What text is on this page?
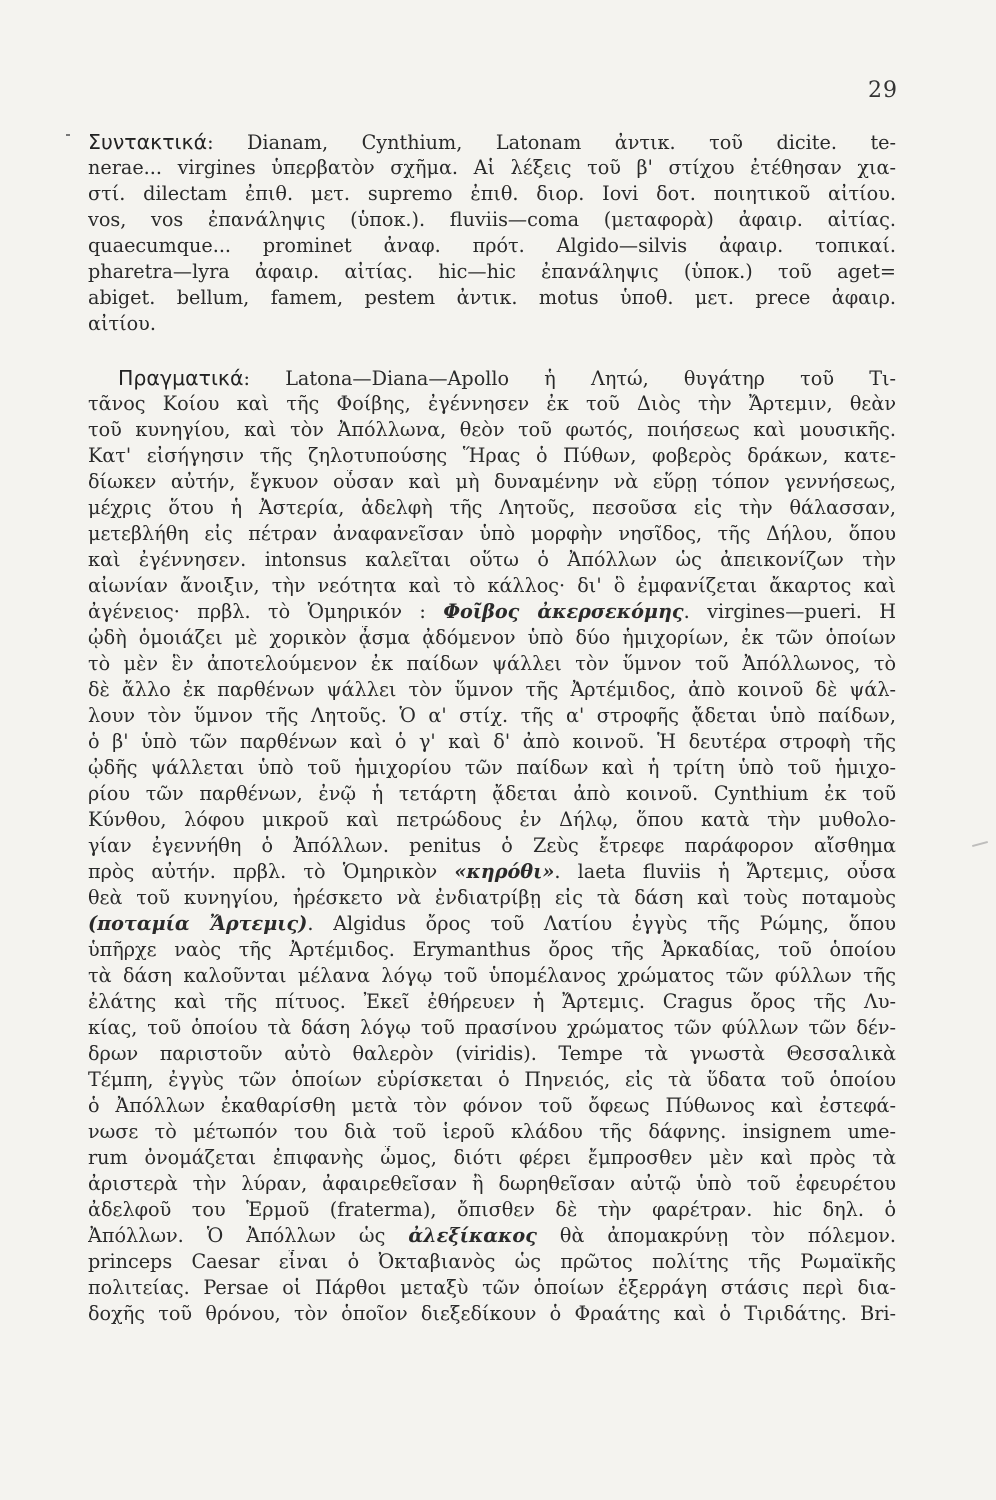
29
Συντακτικά: Dianam, Cynthium, Latonam ἀντικ. τοῦ dicite. te-
nerae... virgines ὑπερβατὸν σχῆμα. Αἱ λέξεις τοῦ β' στίχου ἐτέθησαν χια-
στί. dilectam ἐπιθ. μετ. supremo ἐπιθ. διορ. Iovi δοτ. ποιητικοῦ αἰτίου.
vos, vos ἐπανάληψις (ὑποκ.). fluviis—coma (μεταφορὰ) ἀφαιρ. αἰτίας.
quaecumque... prominet ἀναφ. πρότ. Algido—silvis ἀφαιρ. τοπικαί.
pharetra—lyra ἀφαιρ. αἰτίας. hic—hic ἐπανάληψις (ὑποκ.) τοῦ aget=
abiget. bellum, famem, pestem ἀντικ. motus ὑποθ. μετ. prece ἀφαιρ.
αἰτίου.
Πραγματικά: Latona—Diana—Apollo ἡ Λητώ, θυγάτηρ τοῦ Τι-
τᾶνος Κοίου καὶ τῆς Φοίβης, ἐγέννησεν ἐκ τοῦ Διὸς τὴν Ἄρτεμιν, θεὰν
τοῦ κυνηγίου, καὶ τὸν Ἀπόλλωνα, θεὸν τοῦ φωτός, ποιήσεως καὶ μουσικῆς.
Κατ' εἰσήγησιν τῆς ζηλοτυπούσης Ἥρας ὁ Πύθων, φοβερὸς δράκων, κατε-
δίωκεν αὐτήν, ἔγκυον οὖσαν καὶ μὴ δυναμένην νὰ εὕρῃ τόπον γεννήσεως,
μέχρις ὅτου ἡ Ἀστερία, ἀδελφὴ τῆς Λητοῦς, πεσοῦσα εἰς τὴν θάλασσαν,
μετεβλήθη εἰς πέτραν ἀναφανεῖσαν ὑπὸ μορφὴν νησῖδος, τῆς Δήλου, ὅπου
καὶ ἐγέννησεν. intonsus καλεῖται οὕτω ὁ Ἀπόλλων ὡς ἀπεικονίζων τὴν
αἰωνίαν ἄνοιξιν, τὴν νεότητα καὶ τὸ κάλλος· δι' ὃ ἐμφανίζεται ἄκαρτος καὶ
ἀγένειος· πρβλ. τὸ Ὁμηρικόν : Φοῖβος ἀκερσεκόμης. virgines—pueri. Η
ᾠδὴ ὁμοιάζει μὲ χορικὸν ᾆσμα ᾀδόμενον ὑπὸ δύο ἡμιχορίων, ἐκ τῶν ὁποίων
τὸ μὲν ἓν ἀποτελούμενον ἐκ παίδων ψάλλει τὸν ὕμνον τοῦ Ἀπόλλωνος, τὸ
δὲ ἄλλο ἐκ παρθένων ψάλλει τὸν ὕμνον τῆς Ἀρτέμιδος, ἀπὸ κοινοῦ δὲ ψάλ-
λουν τὸν ὕμνον τῆς Λητοῦς. Ὁ α' στίχ. τῆς α' στροφῆς ᾄδεται ὑπὸ παίδων,
ὁ β' ὑπὸ τῶν παρθένων καὶ ὁ γ' καὶ δ' ἀπὸ κοινοῦ. Ἡ δευτέρα στροφὴ τῆς
ᾠδῆς ψάλλεται ὑπὸ τοῦ ἡμιχορίου τῶν παίδων καὶ ἡ τρίτη ὑπὸ τοῦ ἡμιχο-
ρίου τῶν παρθένων, ἐνῷ ἡ τετάρτη ᾄδεται ἀπὸ κοινοῦ. Cynthium ἐκ τοῦ
Κύνθου, λόφου μικροῦ καὶ πετρώδους ἐν Δήλῳ, ὅπου κατὰ τὴν μυθολο-
γίαν ἐγεννήθη ὁ Ἀπόλλων. penitus ὁ Ζεὺς ἔτρεφε παράφορον αἴσθημα
πρὸς αὐτήν. πρβλ. τὸ Ὁμηρικὸν «κηρόθι». laeta fluviis ἡ Ἄρτεμις, οὖσα
θεὰ τοῦ κυνηγίου, ἠρέσκετο νὰ ἐνδιατρίβῃ εἰς τὰ δάση καὶ τοὺς ποταμοὺς
(ποταμία Ἄρτεμις). Algidus ὄρος τοῦ Λατίου ἐγγὺς τῆς Ρώμης, ὅπου
ὑπῆρχε ναὸς τῆς Ἀρτέμιδος. Erymanthus ὄρος τῆς Ἀρκαδίας, τοῦ ὁποίου
τὰ δάση καλοῦνται μέλανα λόγῳ τοῦ ὑπομέλανος χρώματος τῶν φύλλων τῆς
ἐλάτης καὶ τῆς πίτυος. Ἐκεῖ ἐθήρευεν ἡ Ἄρτεμις. Cragus ὄρος τῆς Λυ-
κίας, τοῦ ὁποίου τὰ δάση λόγῳ τοῦ πρασίνου χρώματος τῶν φύλλων τῶν δέν-
δρων παριστοῦν αὐτὸ θαλερὸν (viridis). Tempe τὰ γνωστὰ Θεσσαλικὰ
Τέμπη, ἐγγὺς τῶν ὁποίων εὑρίσκεται ὁ Πηνειός, εἰς τὰ ὕδατα τοῦ ὁποίου
ὁ Ἀπόλλων ἐκαθαρίσθη μετὰ τὸν φόνον τοῦ ὄφεως Πύθωνος καὶ ἐστεφά-
νωσε τὸ μέτωπόν του διὰ τοῦ ἱεροῦ κλάδου τῆς δάφνης. insignem ume-
rum ὀνομάζεται ἐπιφανὴς ὦμος, διότι φέρει ἔμπροσθεν μὲν καὶ πρὸς τὰ
ἀριστερὰ τὴν λύραν, ἀφαιρεθεῖσαν ἢ δωρηθεῖσαν αὐτῷ ὑπὸ τοῦ ἐφευρέτου
ἀδελφοῦ του Ἑρμοῦ (fraterma), ὄπισθεν δὲ τὴν φαρέτραν. hic δηλ. ὁ
Ἀπόλλων. Ὁ Ἀπόλλων ὡς ἀλεξίκακος θὰ ἀπομακρύνῃ τὸν πόλεμον.
princeps Caesar εἶναι ὁ Ὀκταβιανὸς ὡς πρῶτος πολίτης τῆς Ρωμαϊκῆς
πολιτείας. Persae οἱ Πάρθοι μεταξὺ τῶν ὁποίων ἐξερράγη στάσις περὶ δια-
δοχῆς τοῦ θρόνου, τὸν ὁποῖον διεξεδίκουν ὁ Φραάτης καὶ ὁ Τιριδάτης. Bri-
